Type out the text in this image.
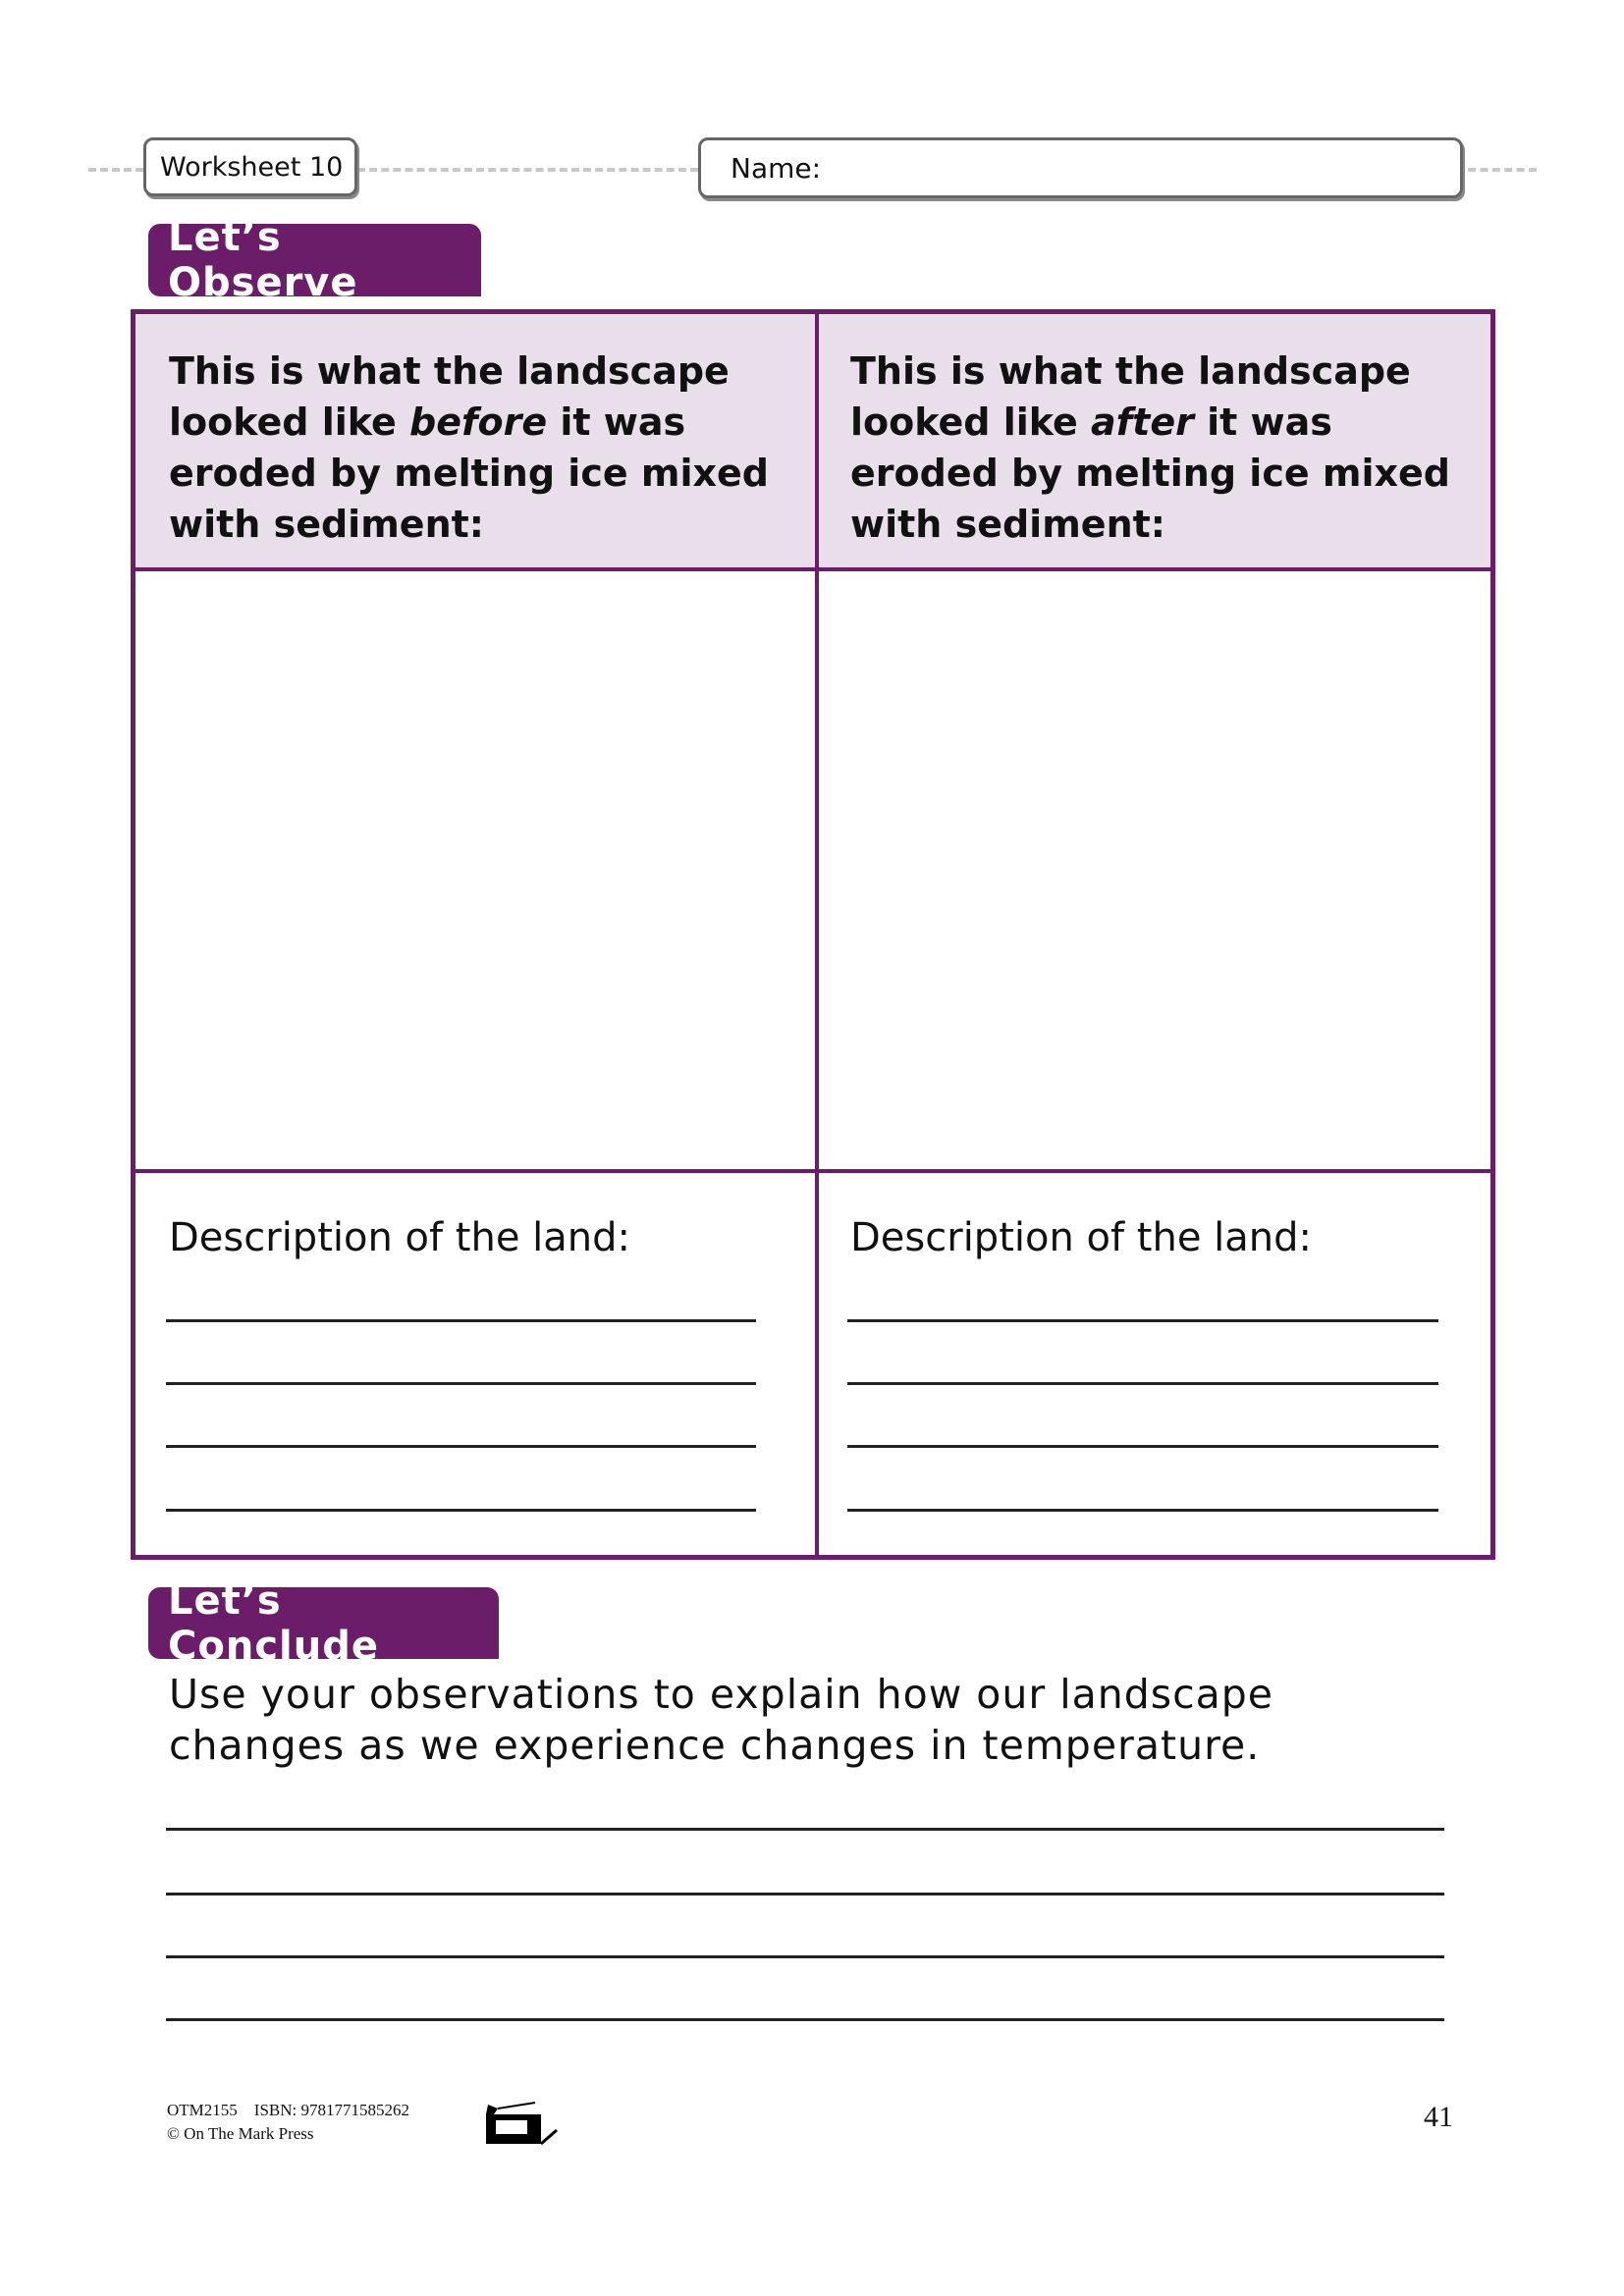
Worksheet 10	Name:
Let’s Observe
This is what the landscape looked like before it was eroded by melting ice mixed with sediment:
This is what the landscape looked like after it was eroded by melting ice mixed with sediment:
Description of the land:	Description of the land:
Let’s Conclude
Use your observations to explain how our landscape changes as we experience changes in temperature.
OTM2155    ISBN: 9781771585262
© On The Mark Press
41
